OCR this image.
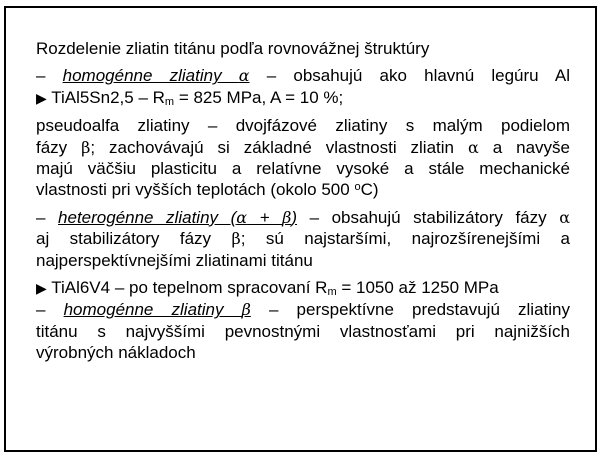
Rozdelenie zliatin titánu podľa rovnovážnej štruktúry
– homogénne zliatiny α – obsahujú ako hlavnú legúru Al
▶ TiAl5Sn2,5 – $R_m = 825$ MPa, A = 10 %;
pseudoalfa zliatiny – dvojfázové zliatiny s malým podielom
fázy β; zachovávajú si základné vlastnosti zliatin α a navyše
majú väčšiu plasticitu a relatívne vysoké a stále mechanické
vlastnosti pri vyšších teplotách (okolo 500 $^o$C)
– heterogénne zliatiny (α + β) – obsahujú stabilizátory fázy α
aj stabilizátory fázy β; sú najstaršími, najrozšírenejšími a
najperspektívnejšími zliatinami titánu
▶ TiAl6V4 – po tepelnom spracovaní $R_m = 1050$ až 1250 MPa
– homogénne zliatiny β – perspektívne predstavujú zliatiny
titánu s najvyššími pevnostnými vlastnosťami pri najnižších
výrobných nákladoch
